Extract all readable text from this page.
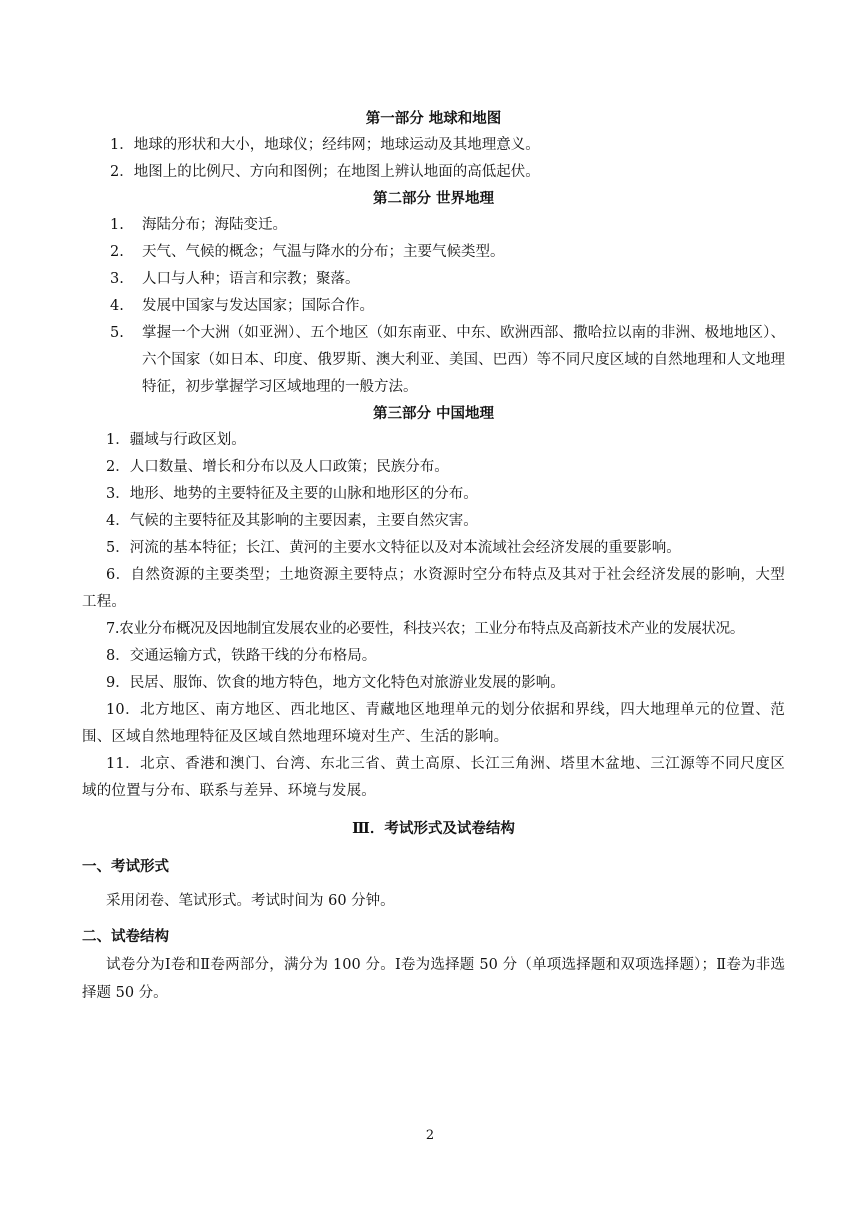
第一部分 地球和地图
1．地球的形状和大小，地球仪；经纬网；地球运动及其地理意义。
2．地图上的比例尺、方向和图例；在地图上辨认地面的高低起伏。
第二部分 世界地理
1.	海陆分布；海陆变迁。
2.	天气、气候的概念；气温与降水的分布；主要气候类型。
3.	人口与人种；语言和宗教；聚落。
4.	发展中国家与发达国家；国际合作。
5.	掌握一个大洲（如亚洲）、五个地区（如东南亚、中东、欧洲西部、撒哈拉以南的非洲、极地地区）、六个国家（如日本、印度、俄罗斯、澳大利亚、美国、巴西）等不同尺度区域的自然地理和人文地理特征，初步掌握学习区域地理的一般方法。
第三部分 中国地理
1．疆域与行政区划。
2．人口数量、增长和分布以及人口政策；民族分布。
3．地形、地势的主要特征及主要的山脉和地形区的分布。
4．气候的主要特征及其影响的主要因素，主要自然灾害。
5．河流的基本特征；长江、黄河的主要水文特征以及对本流域社会经济发展的重要影响。
6．自然资源的主要类型；土地资源主要特点；水资源时空分布特点及其对于社会经济发展的影响，大型工程。
7.农业分布概况及因地制宜发展农业的必要性，科技兴农；工业分布特点及高新技术产业的发展状况。
8．交通运输方式，铁路干线的分布格局。
9．民居、服饰、饮食的地方特色，地方文化特色对旅游业发展的影响。
10．北方地区、南方地区、西北地区、青藏地区地理单元的划分依据和界线，四大地理单元的位置、范围、区域自然地理特征及区域自然地理环境对生产、生活的影响。
11．北京、香港和澳门、台湾、东北三省、黄土高原、长江三角洲、塔里木盆地、三江源等不同尺度区域的位置与分布、联系与差异、环境与发展。
Ⅲ．考试形式及试卷结构
一、考试形式
采用闭卷、笔试形式。考试时间为 60 分钟。
二、试卷结构
试卷分为Ⅰ卷和Ⅱ卷两部分，满分为 100 分。Ⅰ卷为选择题 50 分（单项选择题和双项选择题）；Ⅱ卷为非选择题 50 分。
2
